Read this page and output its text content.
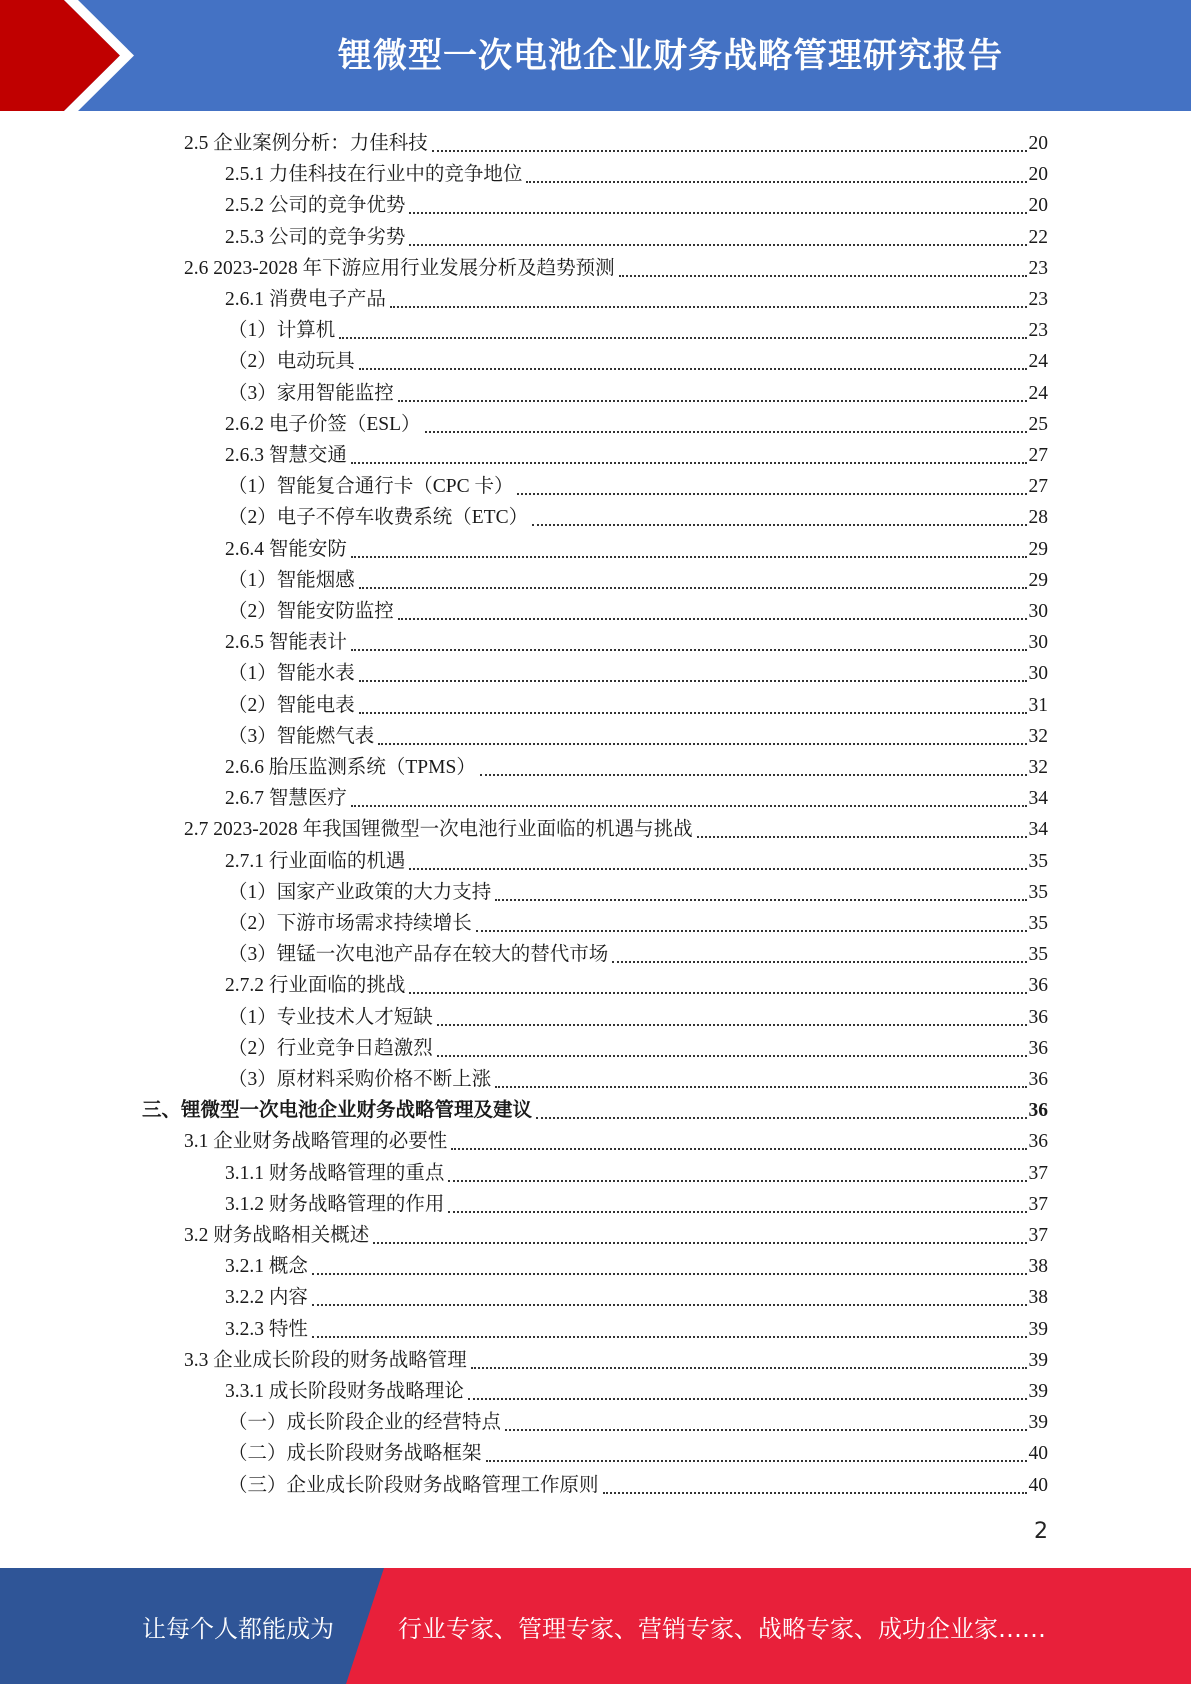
锂微型一次电池企业财务战略管理研究报告
2.5 企业案例分析：力佳科技	20
2.5.1 力佳科技在行业中的竞争地位	20
2.5.2 公司的竞争优势	20
2.5.3 公司的竞争劣势	22
2.6 2023-2028 年下游应用行业发展分析及趋势预测	23
2.6.1 消费电子产品	23
（1）计算机	23
（2）电动玩具	24
（3）家用智能监控	24
2.6.2 电子价签（ESL）	25
2.6.3 智慧交通	27
（1）智能复合通行卡（CPC 卡）	27
（2）电子不停车收费系统（ETC）	28
2.6.4 智能安防	29
（1）智能烟感	29
（2）智能安防监控	30
2.6.5 智能表计	30
（1）智能水表	30
（2）智能电表	31
（3）智能燃气表	32
2.6.6 胎压监测系统（TPMS）	32
2.6.7 智慧医疗	34
2.7 2023-2028 年我国锂微型一次电池行业面临的机遇与挑战	34
2.7.1 行业面临的机遇	35
（1）国家产业政策的大力支持	35
（2）下游市场需求持续增长	35
（3）锂锰一次电池产品存在较大的替代市场	35
2.7.2 行业面临的挑战	36
（1）专业技术人才短缺	36
（2）行业竞争日趋激烈	36
（3）原材料采购价格不断上涨	36
三、锂微型一次电池企业财务战略管理及建议	36
3.1 企业财务战略管理的必要性	36
3.1.1 财务战略管理的重点	37
3.1.2 财务战略管理的作用	37
3.2 财务战略相关概述	37
3.2.1 概念	38
3.2.2 内容	38
3.2.3 特性	39
3.3 企业成长阶段的财务战略管理	39
3.3.1 成长阶段财务战略理论	39
（一）成长阶段企业的经营特点	39
（二）成长阶段财务战略框架	40
（三）企业成长阶段财务战略管理工作原则	40
2
让每个人都能成为	行业专家、管理专家、营销专家、战略专家、成功企业家……
